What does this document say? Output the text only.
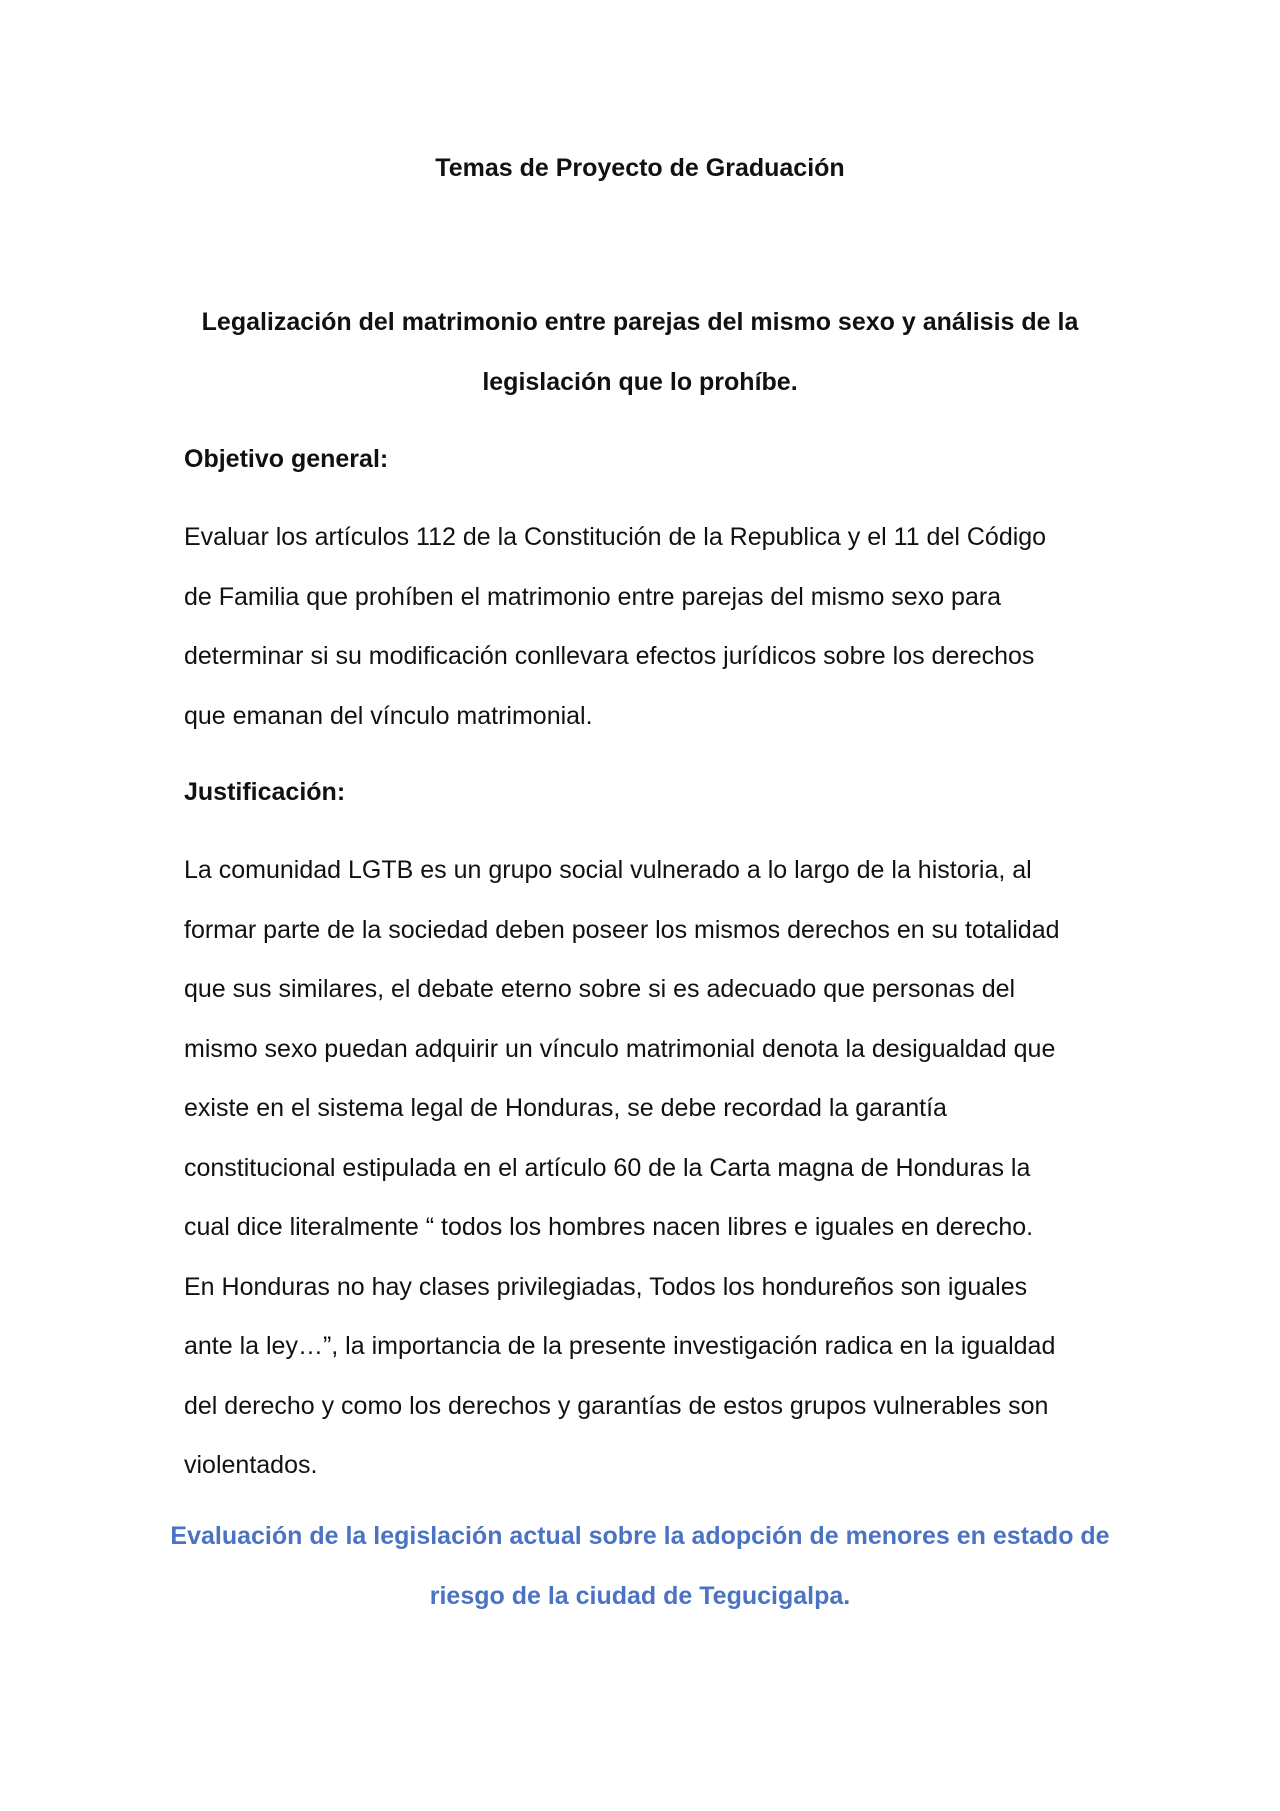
Temas de Proyecto de Graduación
Legalización del matrimonio entre parejas del mismo sexo y análisis de la legislación que lo prohíbe.
Objetivo general:
Evaluar los artículos 112 de la Constitución de la Republica y el 11 del Código
de Familia que prohíben el matrimonio entre parejas del mismo sexo para
determinar si su modificación conllevara efectos jurídicos sobre los derechos
que emanan del vínculo matrimonial.
Justificación:
La comunidad LGTB es un grupo social vulnerado a lo largo de la historia, al
formar parte de la sociedad deben poseer los mismos derechos en su totalidad
que sus similares, el debate eterno sobre si es adecuado que personas del
mismo sexo puedan adquirir un vínculo matrimonial denota la desigualdad que
existe en el sistema legal de Honduras, se debe recordad la garantía
constitucional estipulada en el artículo 60 de la Carta magna de Honduras la
cual dice literalmente “ todos los hombres nacen libres e iguales en derecho.
En Honduras no hay clases privilegiadas, Todos los hondureños son iguales
ante la ley…”, la importancia de la presente investigación radica en la igualdad
del derecho y como los derechos y garantías de estos grupos vulnerables son
violentados.
Evaluación de la legislación actual sobre la adopción de menores en estado de riesgo de la ciudad de Tegucigalpa.
